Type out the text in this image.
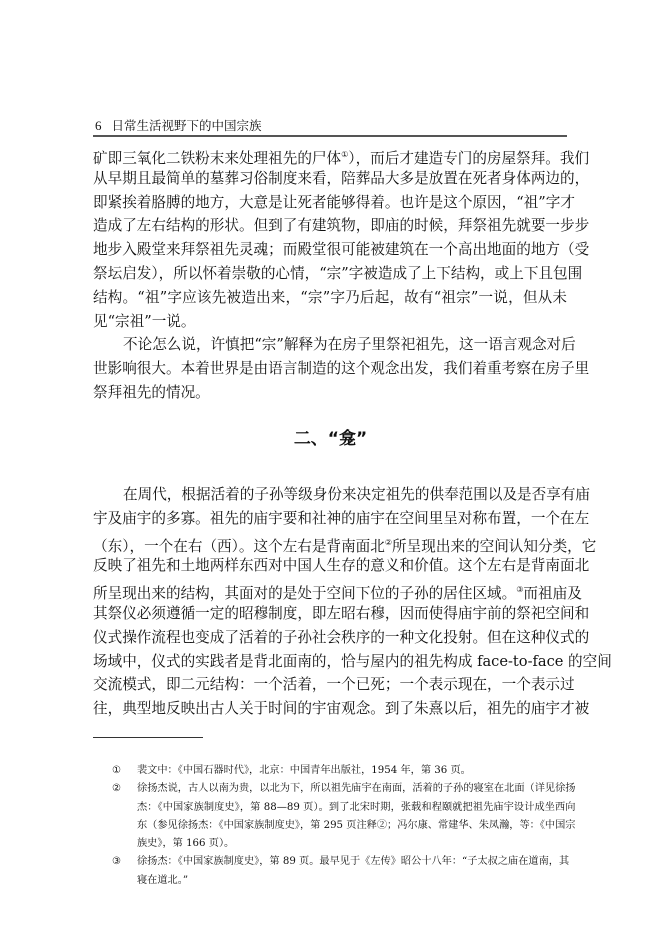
6 日常生活视野下的中国宗族
矿即三氧化二铁粉末来处理祖先的尸体①），而后才建造专门的房屋祭拜。我们
从早期且最简单的墓葬习俗制度来看，陪葬品大多是放置在死者身体两边的，
即紧挨着胳膊的地方，大意是让死者能够得着。也许是这个原因，“祖”字才
造成了左右结构的形状。但到了有建筑物，即庙的时候，拜祭祖先就要一步步
地步入殿堂来拜祭祖先灵魂；而殿堂很可能被建筑在一个高出地面的地方（受
祭坛启发），所以怀着崇敬的心情，“宗”字被造成了上下结构，或上下且包围
结构。“祖”字应该先被造出来，“宗”字乃后起，故有“祖宗”一说，但从未
见“宗祖”一说。
不论怎么说，许慎把“宗”解释为在房子里祭祀祖先，这一语言观念对后
世影响很大。本着世界是由语言制造的这个观念出发，我们着重考察在房子里
祭拜祖先的情况。
二、“龛”
在周代，根据活着的子孙等级身份来决定祖先的供奉范围以及是否享有庙
宇及庙宇的多寡。祖先的庙宇要和社神的庙宇在空间里呈对称布置，一个在左
（东），一个在右（西）。这个左右是背南面北②所呈现出来的空间认知分类，它
反映了祖先和土地两样东西对中国人生存的意义和价值。这个左右是背南面北
所呈现出来的结构，其面对的是处于空间下位的子孙的居住区域。③而祖庙及
其祭仪必须遵循一定的昭穆制度，即左昭右穆，因而使得庙宇前的祭祀空间和
仪式操作流程也变成了活着的子孙社会秩序的一种文化投射。但在这种仪式的
场域中，仪式的实践者是背北面南的，恰与屋内的祖先构成 face-to-face 的空间
交流模式，即二元结构：一个活着，一个已死；一个表示现在，一个表示过
往，典型地反映出古人关于时间的宇宙观念。到了朱熹以后，祖先的庙宇才被
①	裴文中：《中国石器时代》，北京：中国青年出版社，1954 年，第 36 页。
②	徐扬杰说，古人以南为贵，以北为下，所以祖先庙宇在南面，活着的子孙的寝室在北面（详见徐扬
杰：《中国家族制度史》，第 88—89 页）。到了北宋时期，张载和程颐就把祖先庙宇设计成坐西向
东（参见徐扬杰：《中国家族制度史》，第 295 页注释②；冯尔康、常建华、朱凤瀚，等：《中国宗
族史》，第 166 页）。
③	徐扬杰：《中国家族制度史》，第 89 页。最早见于《左传》昭公十八年：“子太叔之庙在道南，其
寝在道北。”
